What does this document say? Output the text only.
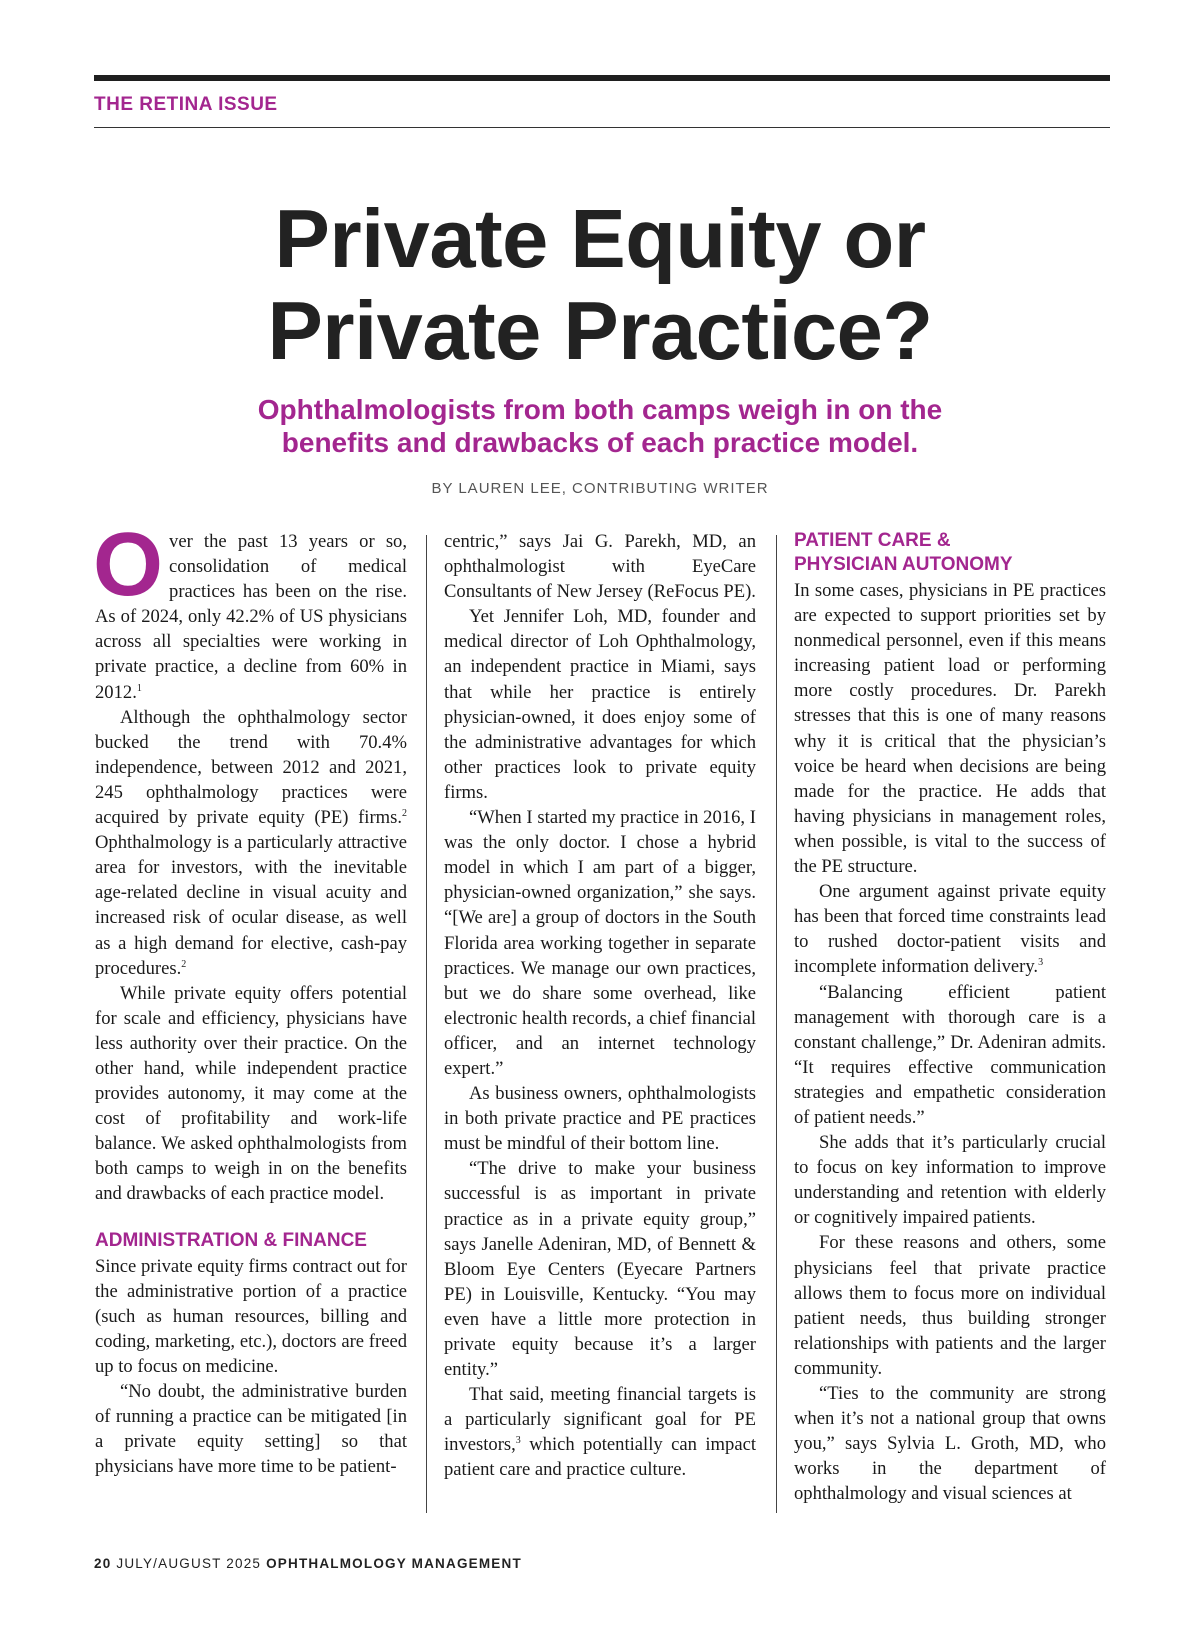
THE RETINA ISSUE
Private Equity or
Private Practice?
Ophthalmologists from both camps weigh in on the
benefits and drawbacks of each practice model.
BY LAUREN LEE, CONTRIBUTING WRITER

Over the past 13 years or so, consolidation of medical practices has been on the rise. As of 2024, only 42.2% of US physicians across all specialties were working in private practice, a decline from 60% in 2012.$^1$

Although the ophthalmology sector bucked the trend with 70.4% independence, between 2012 and 2021, 245 ophthalmology practices were acquired by private equity (PE) firms.$^2$ Ophthalmology is a particularly attractive area for investors, with the inevitable age-related decline in visual acuity and increased risk of ocular disease, as well as a high demand for elective, cash-pay procedures.$^2$

While private equity offers potential for scale and efficiency, physicians have less authority over their practice. On the other hand, while independent practice provides autonomy, it may come at the cost of profitability and work-life balance. We asked ophthalmologists from both camps to weigh in on the benefits and drawbacks of each practice model.

ADMINISTRATION & FINANCE

Since private equity firms contract out for the administrative portion of a practice (such as human resources, billing and coding, marketing, etc.), doctors are freed up to focus on medicine.

“No doubt, the administrative burden of running a practice can be mitigated [in a private equity setting] so that physicians have more time to be patient-

centric,” says Jai G. Parekh, MD, an ophthalmologist with EyeCare Consultants of New Jersey (ReFocus PE).

Yet Jennifer Loh, MD, founder and medical director of Loh Ophthalmology, an independent practice in Miami, says that while her practice is entirely physician-owned, it does enjoy some of the administrative advantages for which other practices look to private equity firms.

“When I started my practice in 2016, I was the only doctor. I chose a hybrid model in which I am part of a bigger, physician-owned organization,” she says. “[We are] a group of doctors in the South Florida area working together in separate practices. We manage our own practices, but we do share some overhead, like electronic health records, a chief financial officer, and an internet technology expert.”

As business owners, ophthalmologists in both private practice and PE practices must be mindful of their bottom line.

“The drive to make your business successful is as important in private practice as in a private equity group,” says Janelle Adeniran, MD, of Bennett & Bloom Eye Centers (Eyecare Partners PE) in Louisville, Kentucky. “You may even have a little more protection in private equity because it’s a larger entity.”

That said, meeting financial targets is a particularly significant goal for PE investors,$^3$ which potentially can impact patient care and practice culture.

PATIENT CARE &
PHYSICIAN AUTONOMY

In some cases, physicians in PE practices are expected to support priorities set by nonmedical personnel, even if this means increasing patient load or performing more costly procedures. Dr. Parekh stresses that this is one of many reasons why it is critical that the physician’s voice be heard when decisions are being made for the practice. He adds that having physicians in management roles, when possible, is vital to the success of the PE structure.

One argument against private equity has been that forced time constraints lead to rushed doctor-patient visits and incomplete information delivery.$^3$

“Balancing efficient patient management with thorough care is a constant challenge,” Dr. Adeniran admits. “It requires effective communication strategies and empathetic consideration of patient needs.”

She adds that it’s particularly crucial to focus on key information to improve understanding and retention with elderly or cognitively impaired patients.

For these reasons and others, some physicians feel that private practice allows them to focus more on individual patient needs, thus building stronger relationships with patients and the larger community.

“Ties to the community are strong when it’s not a national group that owns you,” says Sylvia L. Groth, MD, who works in the department of ophthalmology and visual sciences at

20 JULY/AUGUST 2025 OPHTHALMOLOGY MANAGEMENT
